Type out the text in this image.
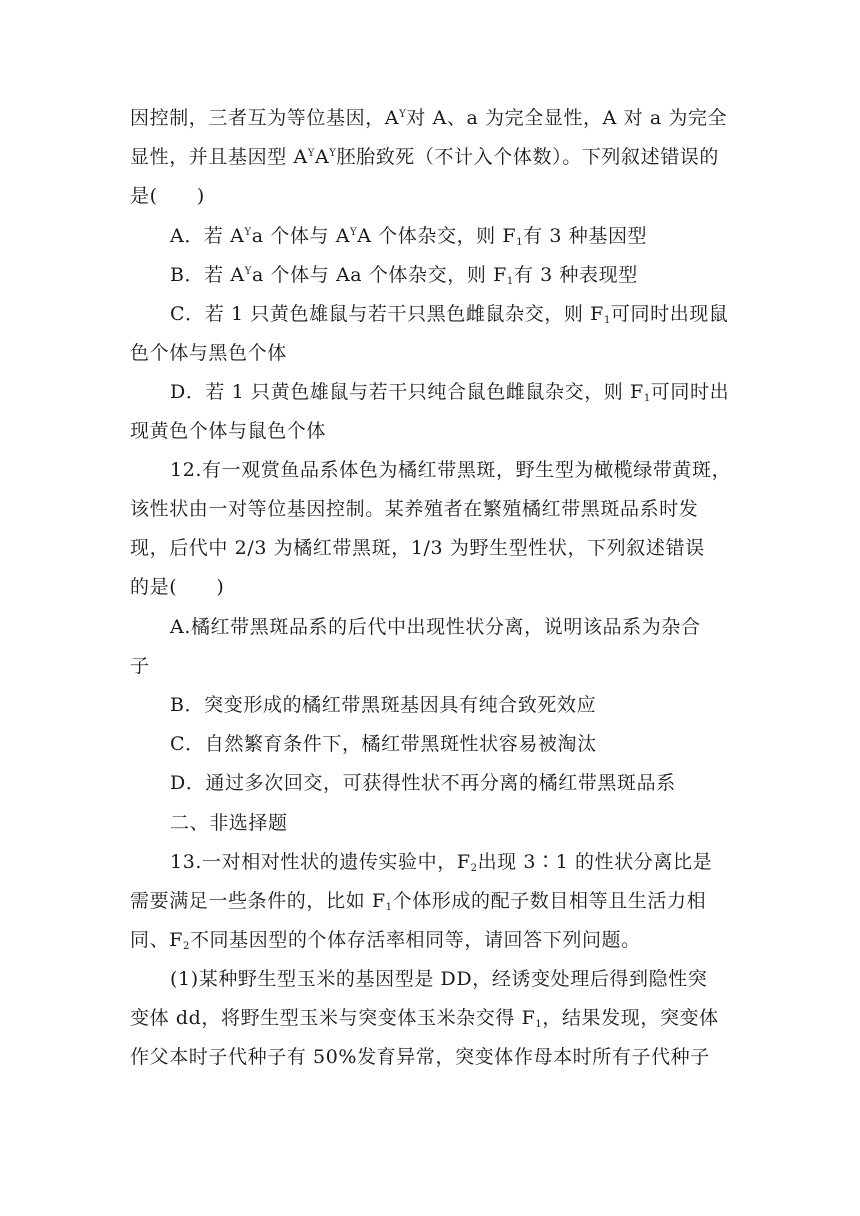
因控制，三者互为等位基因，$A^Y$对 A、a 为完全显性，A 对 a 为完全
显性，并且基因型 $A^YA^Y$胚胎致死（不计入个体数）。下列叙述错误的
是(　　)
A．若 $A^Ya$ 个体与 $A^YA$ 个体杂交，则 $F_1$有 3 种基因型
B．若 $A^Ya$ 个体与 Aa 个体杂交，则 $F_1$有 3 种表现型
C．若 1 只黄色雄鼠与若干只黑色雌鼠杂交，则 $F_1$可同时出现鼠
色个体与黑色个体
D．若 1 只黄色雄鼠与若干只纯合鼠色雌鼠杂交，则 $F_1$可同时出
现黄色个体与鼠色个体
12.有一观赏鱼品系体色为橘红带黑斑，野生型为橄榄绿带黄斑，
该性状由一对等位基因控制。某养殖者在繁殖橘红带黑斑品系时发
现，后代中 2/3 为橘红带黑斑，1/3 为野生型性状，下列叙述错误
的是(　　)
A.橘红带黑斑品系的后代中出现性状分离，说明该品系为杂合
子
B．突变形成的橘红带黑斑基因具有纯合致死效应
C．自然繁育条件下，橘红带黑斑性状容易被淘汰
D．通过多次回交，可获得性状不再分离的橘红带黑斑品系
二、非选择题
13.一对相对性状的遗传实验中，$F_2$出现 3∶1 的性状分离比是
需要满足一些条件的，比如 $F_1$个体形成的配子数目相等且生活力相
同、$F_2$不同基因型的个体存活率相同等，请回答下列问题。
(1)某种野生型玉米的基因型是 DD，经诱变处理后得到隐性突
变体 dd，将野生型玉米与突变体玉米杂交得 $F_1$，结果发现，突变体
作父本时子代种子有 50%发育异常，突变体作母本时所有子代种子
